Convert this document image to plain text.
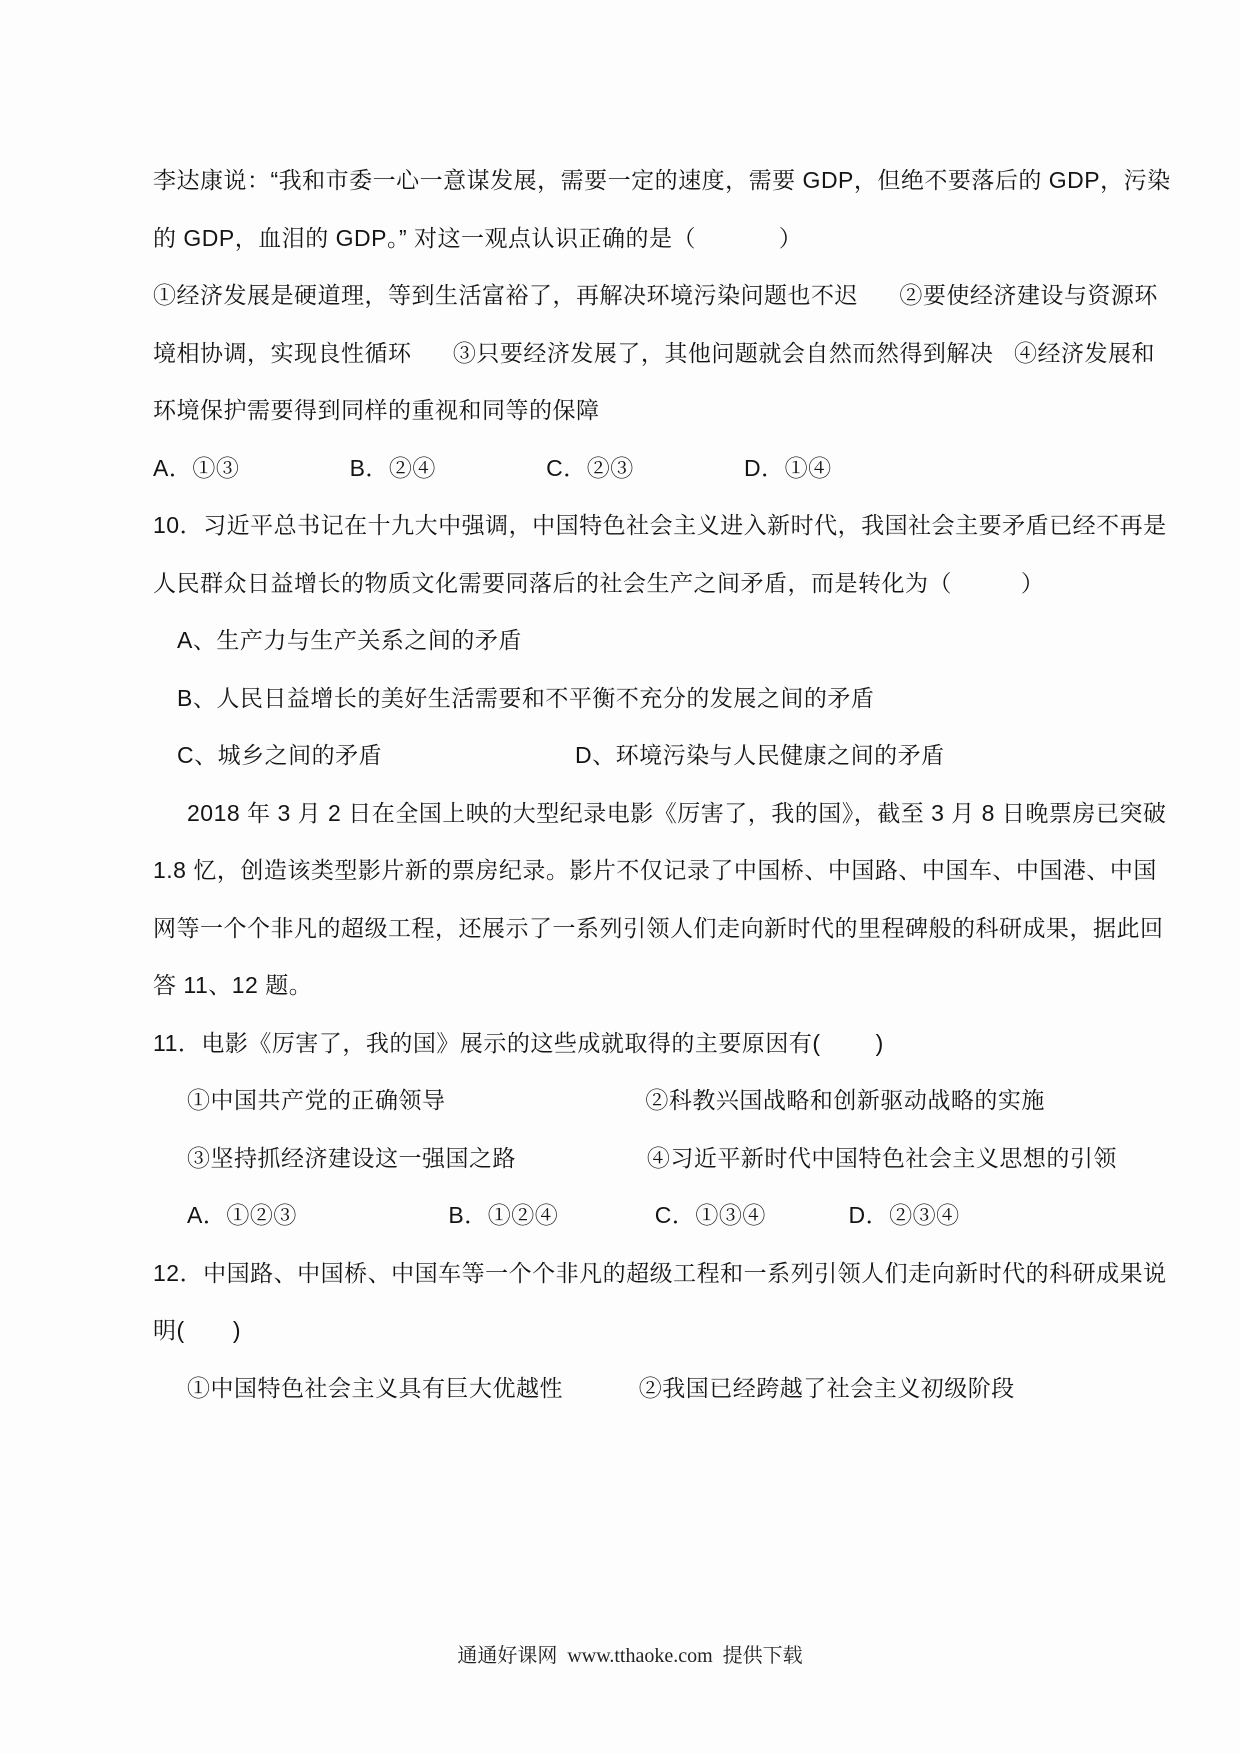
李达康说：“我和市委一心一意谋发展，需要一定的速度，需要 GDP，但绝不要落后的 GDP，污染
的 GDP，血泪的 GDP。” 对这一观点认识正确的是（            ）
①经济发展是硬道理，等到生活富裕了，再解决环境污染问题也不迟      ②要使经济建设与资源环
境相协调，实现良性循环      ③只要经济发展了，其他问题就会自然而然得到解决   ④经济发展和
环境保护需要得到同样的重视和同等的保障
A．①③                B．②④                C．②③                D．①④
10．习近平总书记在十九大中强调，中国特色社会主义进入新时代，我国社会主要矛盾已经不再是
人民群众日益增长的物质文化需要同落后的社会生产之间矛盾，而是转化为（          ）
A、生产力与生产关系之间的矛盾
B、人民日益增长的美好生活需要和不平衡不充分的发展之间的矛盾
C、城乡之间的矛盾                            D、环境污染与人民健康之间的矛盾
2018 年 3 月 2 日在全国上映的大型纪录电影《厉害了，我的国》，截至 3 月 8 日晚票房已突破
1.8 忆，创造该类型影片新的票房纪录。影片不仅记录了中国桥、中国路、中国车、中国港、中国
网等一个个非凡的超级工程，还展示了一系列引领人们走向新时代的里程碑般的科研成果，据此回
答 11、12 题。
11．电影《厉害了，我的国》展示的这些成就取得的主要原因有(        )
①中国共产党的正确领导                             ②科教兴国战略和创新驱动战略的实施
③坚持抓经济建设这一强国之路                   ④习近平新时代中国特色社会主义思想的引领
A．①②③                      B．①②④              C．①③④            D．②③④
12．中国路、中国桥、中国车等一个个非凡的超级工程和一系列引领人们走向新时代的科研成果说
明(       )
①中国特色社会主义具有巨大优越性           ②我国已经跨越了社会主义初级阶段

通通好课网  www.tthaoke.com  提供下载
